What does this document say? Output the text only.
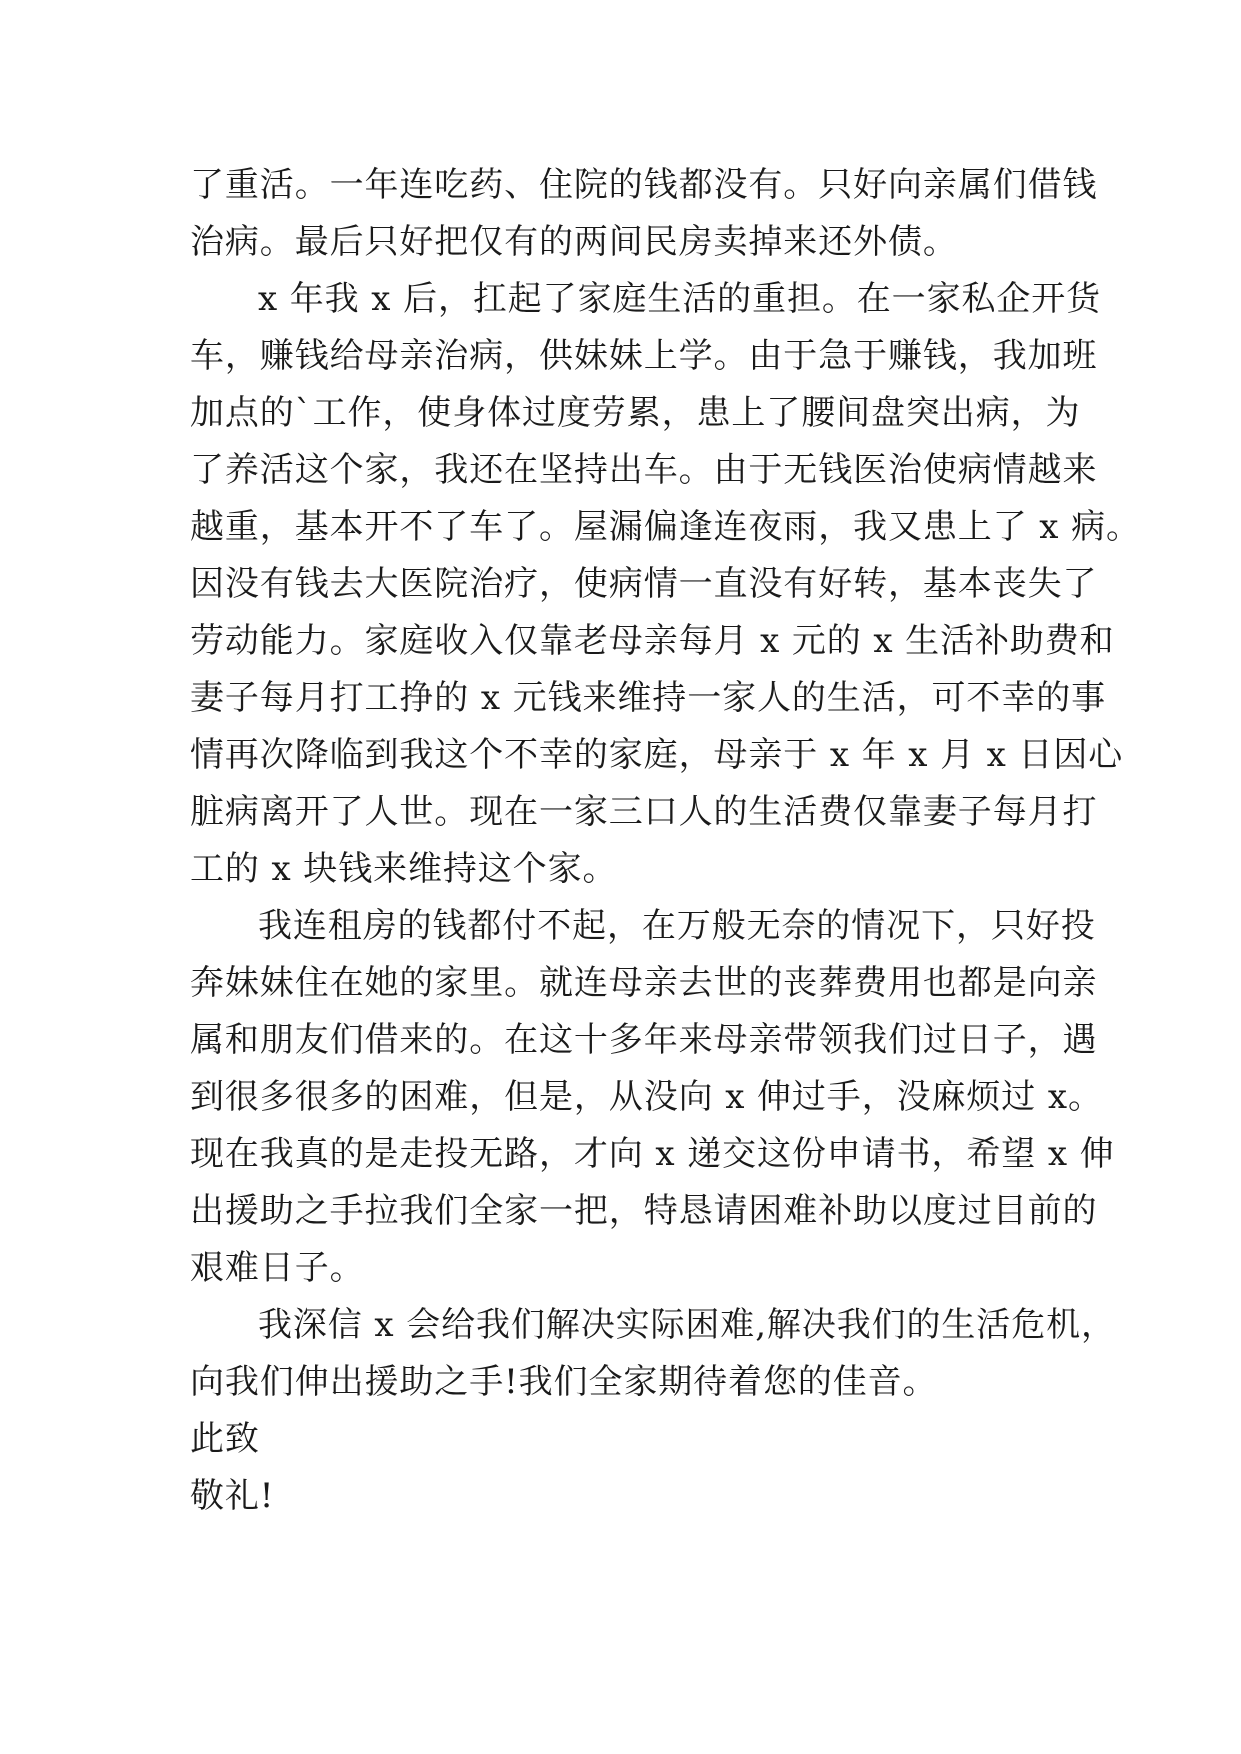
了重活。一年连吃药、住院的钱都没有。只好向亲属们借钱
治病。最后只好把仅有的两间民房卖掉来还外债。
x 年我 x 后，扛起了家庭生活的重担。在一家私企开货
车，赚钱给母亲治病，供妹妹上学。由于急于赚钱，我加班
加点的`工作，使身体过度劳累，患上了腰间盘突出病，为
了养活这个家，我还在坚持出车。由于无钱医治使病情越来
越重，基本开不了车了。屋漏偏逢连夜雨，我又患上了 x 病。
因没有钱去大医院治疗，使病情一直没有好转，基本丧失了
劳动能力。家庭收入仅靠老母亲每月 x 元的 x 生活补助费和
妻子每月打工挣的 x 元钱来维持一家人的生活，可不幸的事
情再次降临到我这个不幸的家庭，母亲于 x 年 x 月 x 日因心
脏病离开了人世。现在一家三口人的生活费仅靠妻子每月打
工的 x 块钱来维持这个家。
我连租房的钱都付不起，在万般无奈的情况下，只好投
奔妹妹住在她的家里。就连母亲去世的丧葬费用也都是向亲
属和朋友们借来的。在这十多年来母亲带领我们过日子，遇
到很多很多的困难，但是，从没向 x 伸过手，没麻烦过 x。
现在我真的是走投无路，才向 x 递交这份申请书，希望 x 伸
出援助之手拉我们全家一把，特恳请困难补助以度过目前的
艰难日子。
我深信 x 会给我们解决实际困难,解决我们的生活危机，
向我们伸出援助之手!我们全家期待着您的佳音。
此致
敬礼!
